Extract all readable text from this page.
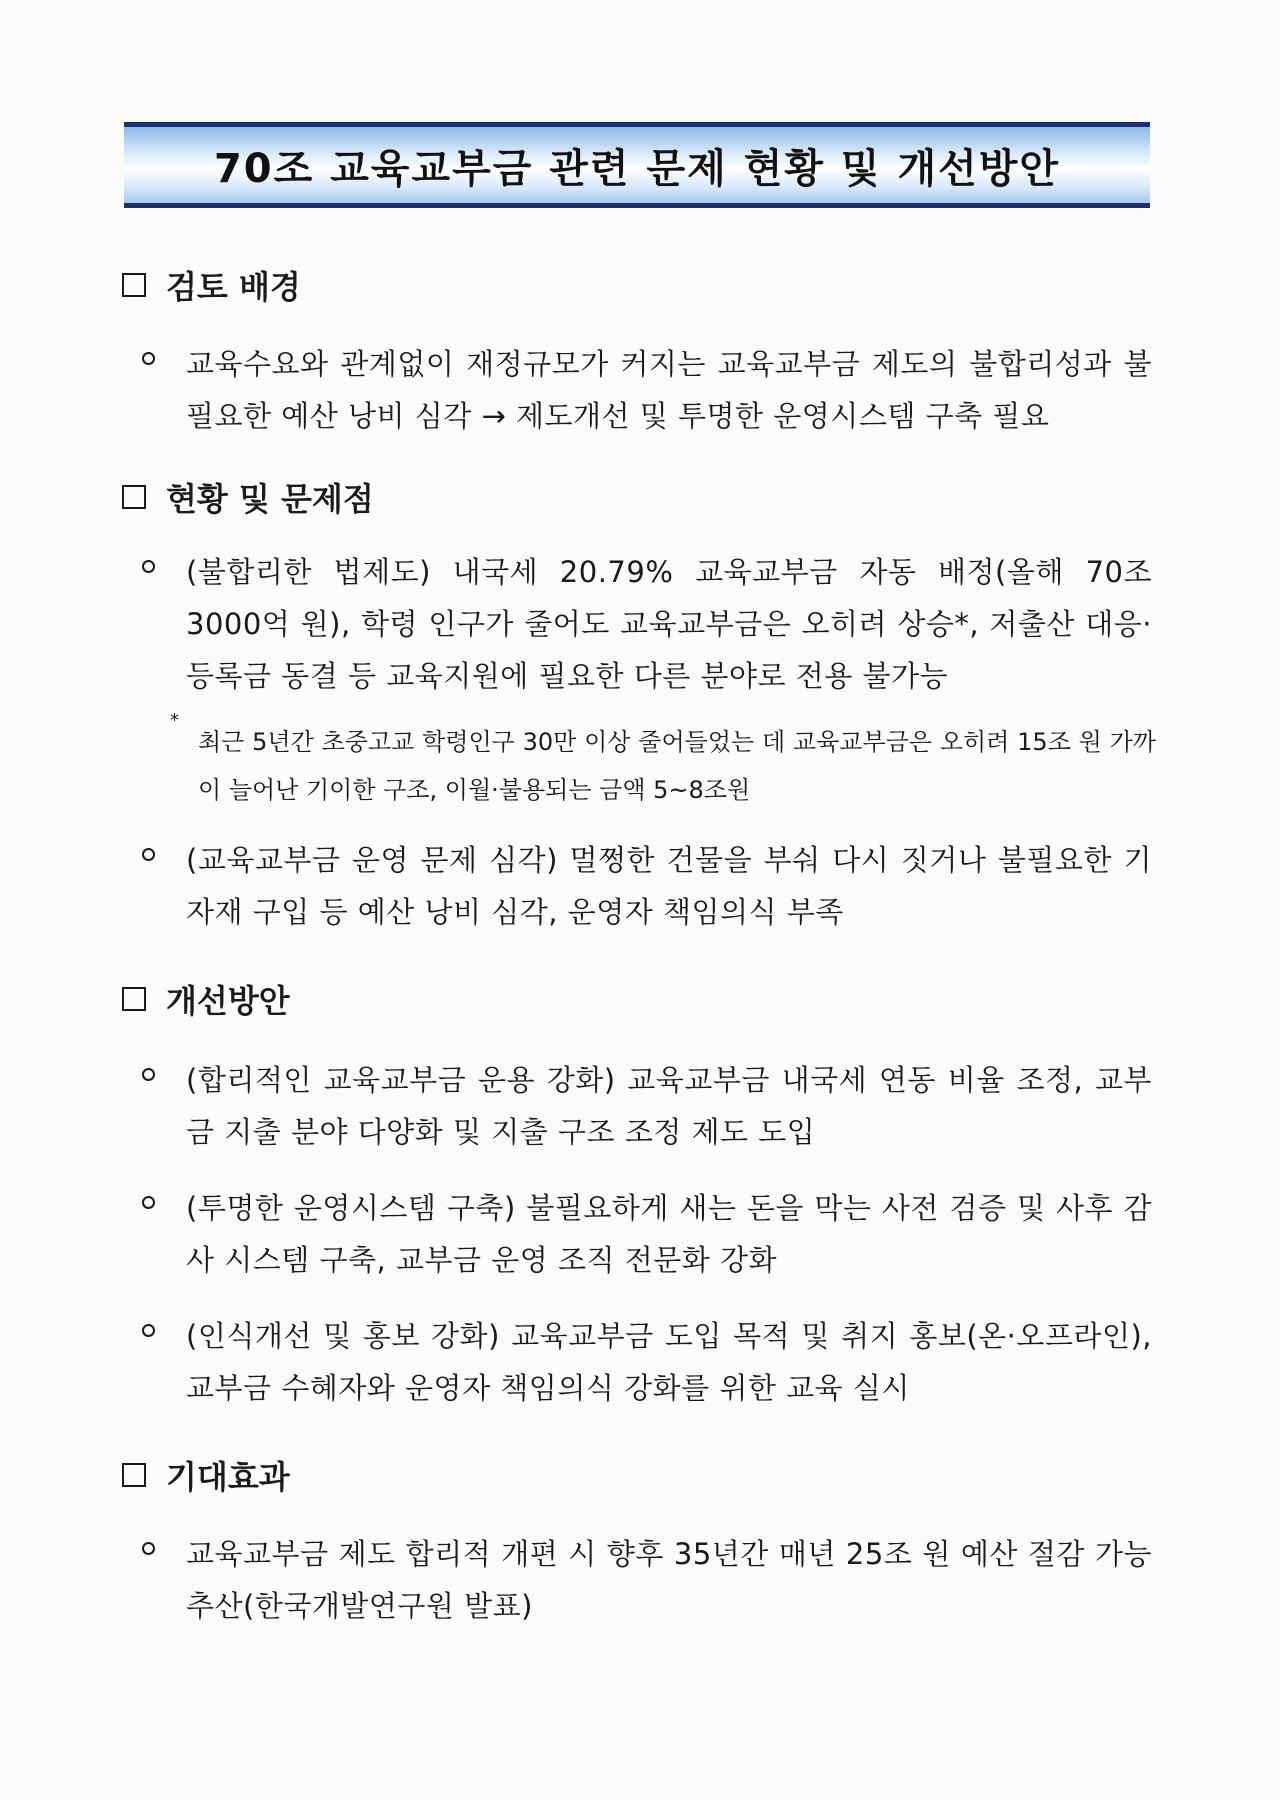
70조 교육교부금 관련 문제 현황 및 개선방안
검토 배경
교육수요와 관계없이 재정규모가 커지는 교육교부금 제도의 불합리성과 불필요한 예산 낭비 심각 → 제도개선 및 투명한 운영시스템 구축 필요
현황 및 문제점
(불합리한 법제도) 내국세 20.79% 교육교부금 자동 배정(올해 70조 3000억 원), 학령 인구가 줄어도 교육교부금은 오히려 상승*, 저출산 대응·등록금 동결 등 교육지원에 필요한 다른 분야로 전용 불가능
*
최근 5년간 초중고교 학령인구 30만 이상 줄어들었는 데 교육교부금은 오히려 15조 원 가까이 늘어난 기이한 구조, 이월·불용되는 금액 5~8조원
(교육교부금 운영 문제 심각) 멀쩡한 건물을 부숴 다시 짓거나 불필요한 기자재 구입 등 예산 낭비 심각, 운영자 책임의식 부족
개선방안
(합리적인 교육교부금 운용 강화) 교육교부금 내국세 연동 비율 조정, 교부금 지출 분야 다양화 및 지출 구조 조정 제도 도입
(투명한 운영시스템 구축) 불필요하게 새는 돈을 막는 사전 검증 및 사후 감사 시스템 구축, 교부금 운영 조직 전문화 강화
(인식개선 및 홍보 강화) 교육교부금 도입 목적 및 취지 홍보(온·오프라인), 교부금 수혜자와 운영자 책임의식 강화를 위한 교육 실시
기대효과
교육교부금 제도 합리적 개편 시 향후 35년간 매년 25조 원 예산 절감 가능 추산(한국개발연구원 발표)
